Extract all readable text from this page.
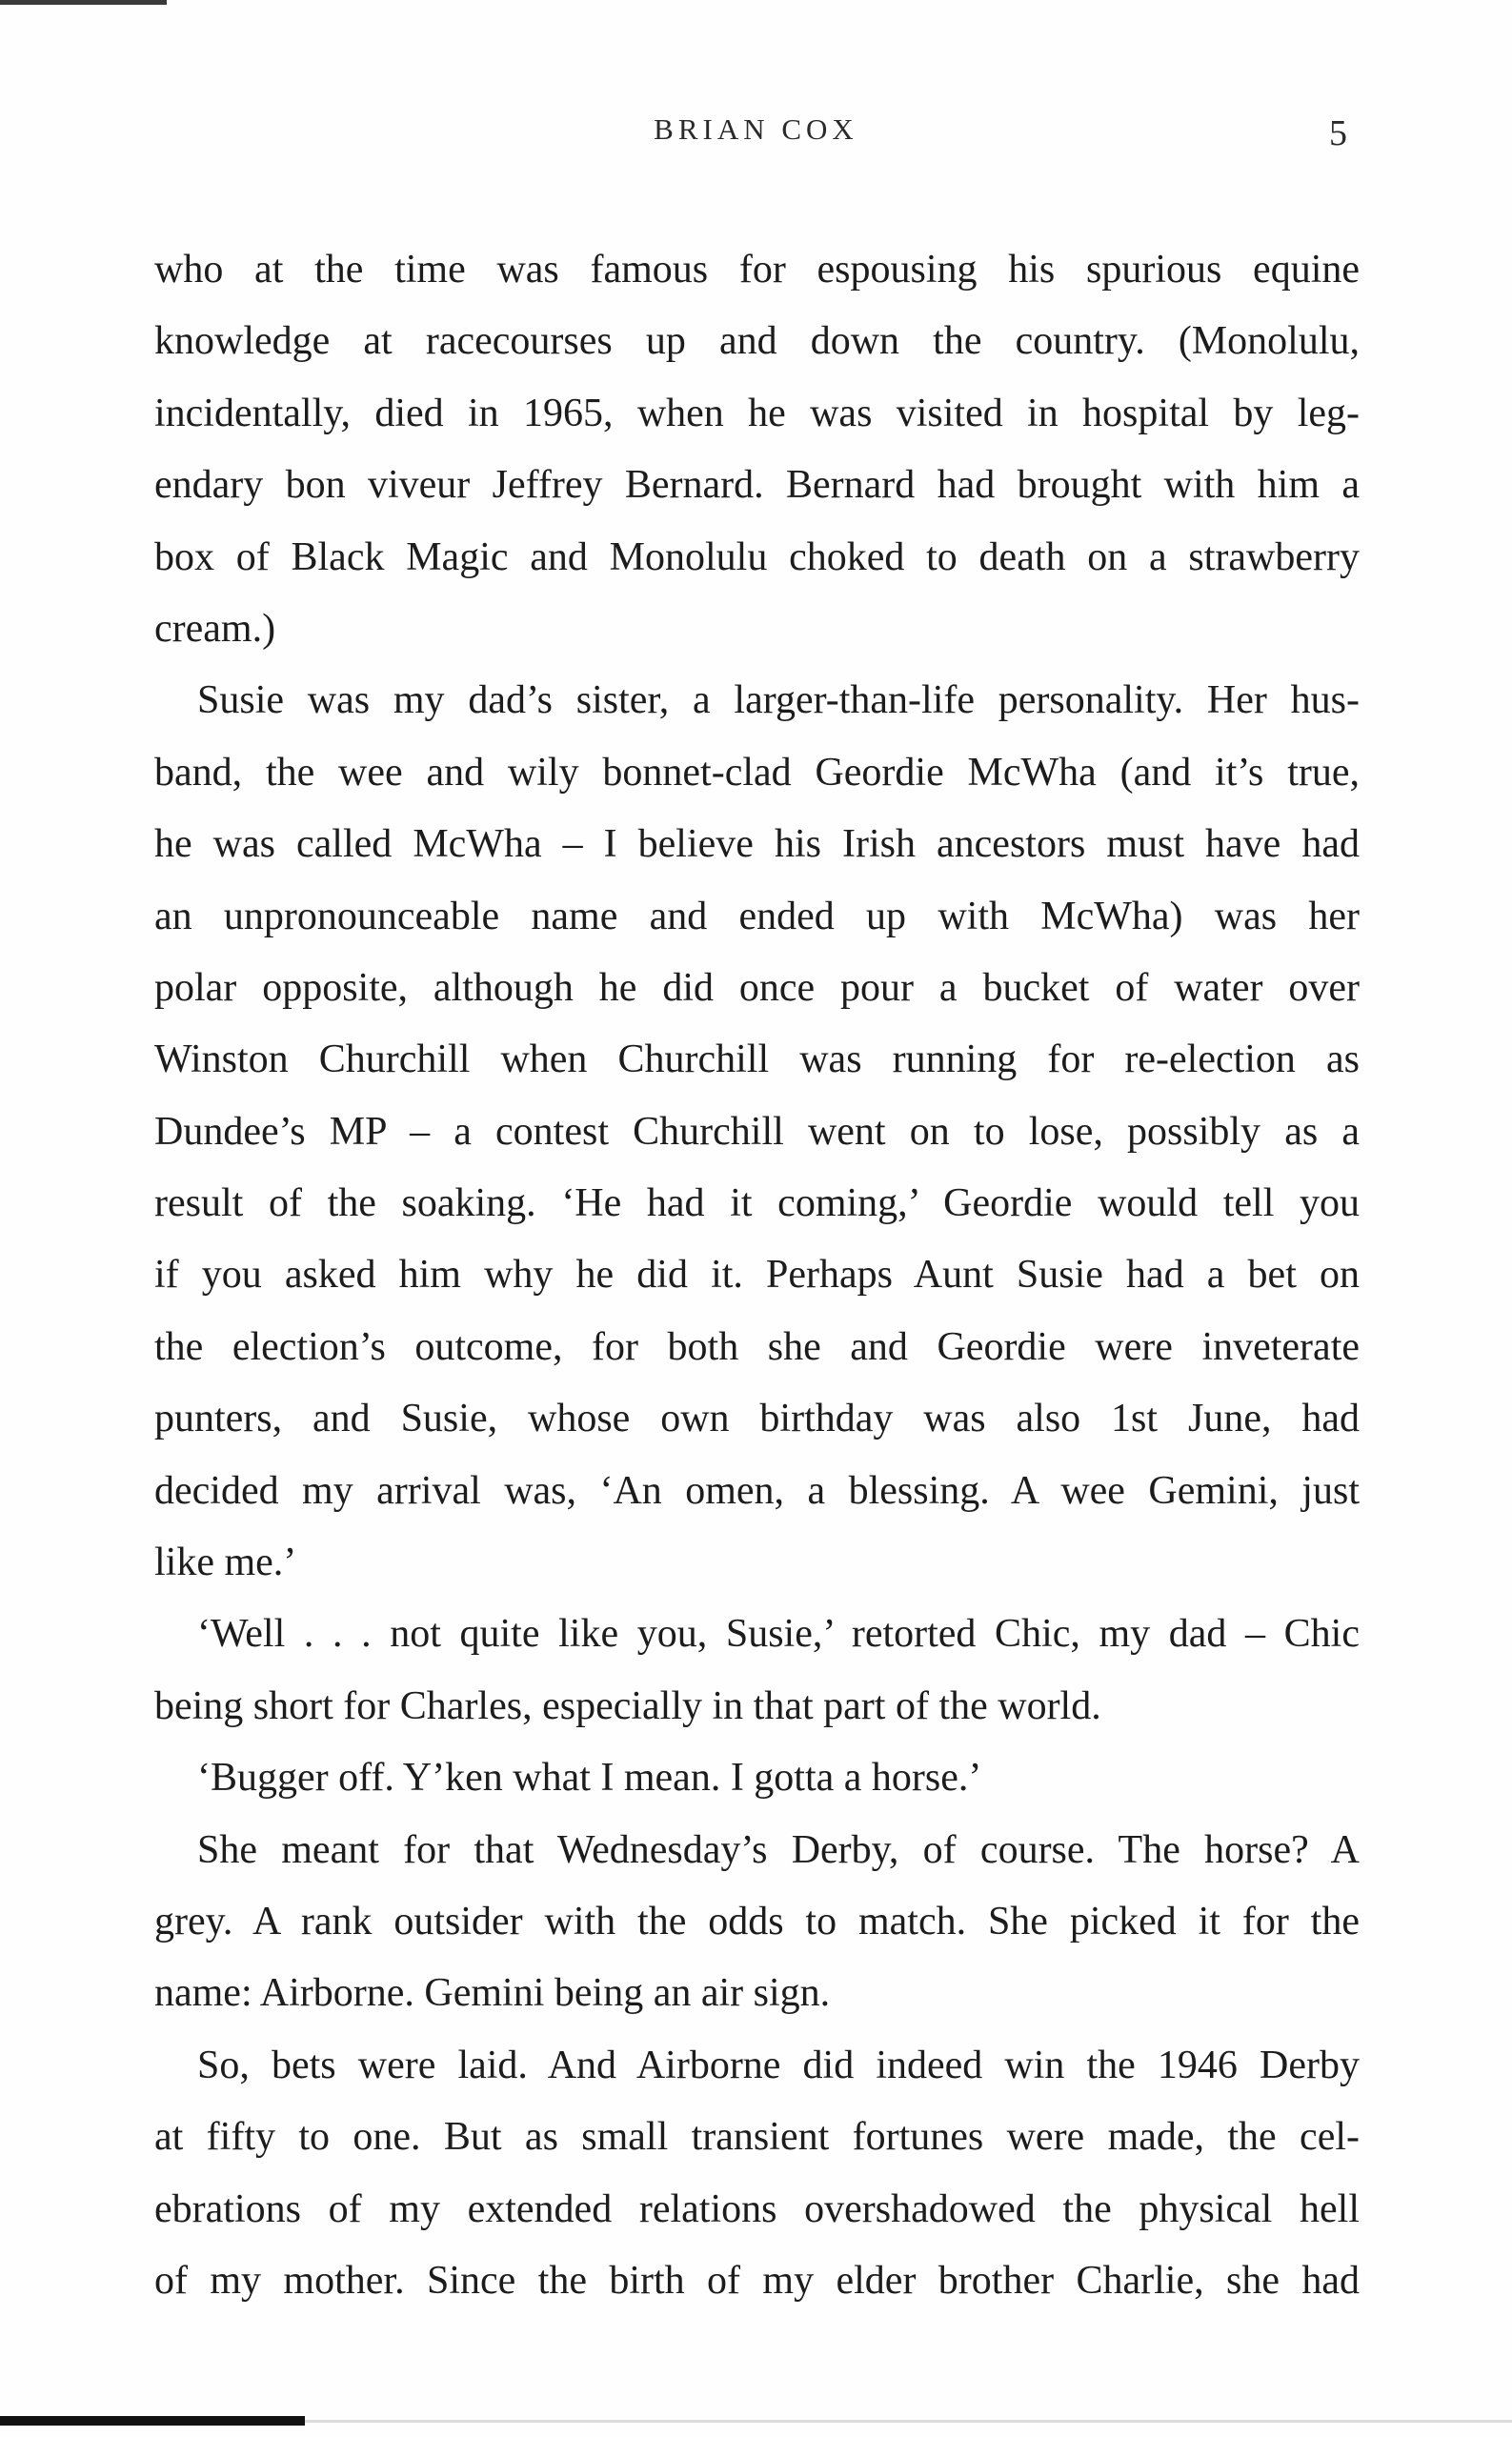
BRIAN COX	5
who at the time was famous for espousing his spurious equine
knowledge at racecourses up and down the country. (Monolulu,
incidentally, died in 1965, when he was visited in hospital by leg-
endary bon viveur Jeffrey Bernard. Bernard had brought with him a
box of Black Magic and Monolulu choked to death on a strawberry
cream.)
Susie was my dad’s sister, a larger-than-life personality. Her hus-
band, the wee and wily bonnet-clad Geordie McWha (and it’s true,
he was called McWha – I believe his Irish ancestors must have had
an unpronounceable name and ended up with McWha) was her
polar opposite, although he did once pour a bucket of water over
Winston Churchill when Churchill was running for re-election as
Dundee’s MP – a contest Churchill went on to lose, possibly as a
result of the soaking. ‘He had it coming,’ Geordie would tell you
if you asked him why he did it. Perhaps Aunt Susie had a bet on
the election’s outcome, for both she and Geordie were inveterate
punters, and Susie, whose own birthday was also 1st June, had
decided my arrival was, ‘An omen, a blessing. A wee Gemini, just
like me.’
‘Well . . . not quite like you, Susie,’ retorted Chic, my dad – Chic
being short for Charles, especially in that part of the world.
‘Bugger off. Y’ken what I mean. I gotta a horse.’
She meant for that Wednesday’s Derby, of course. The horse? A
grey. A rank outsider with the odds to match. She picked it for the
name: Airborne. Gemini being an air sign.
So, bets were laid. And Airborne did indeed win the 1946 Derby
at fifty to one. But as small transient fortunes were made, the cel-
ebrations of my extended relations overshadowed the physical hell
of my mother. Since the birth of my elder brother Charlie, she had
